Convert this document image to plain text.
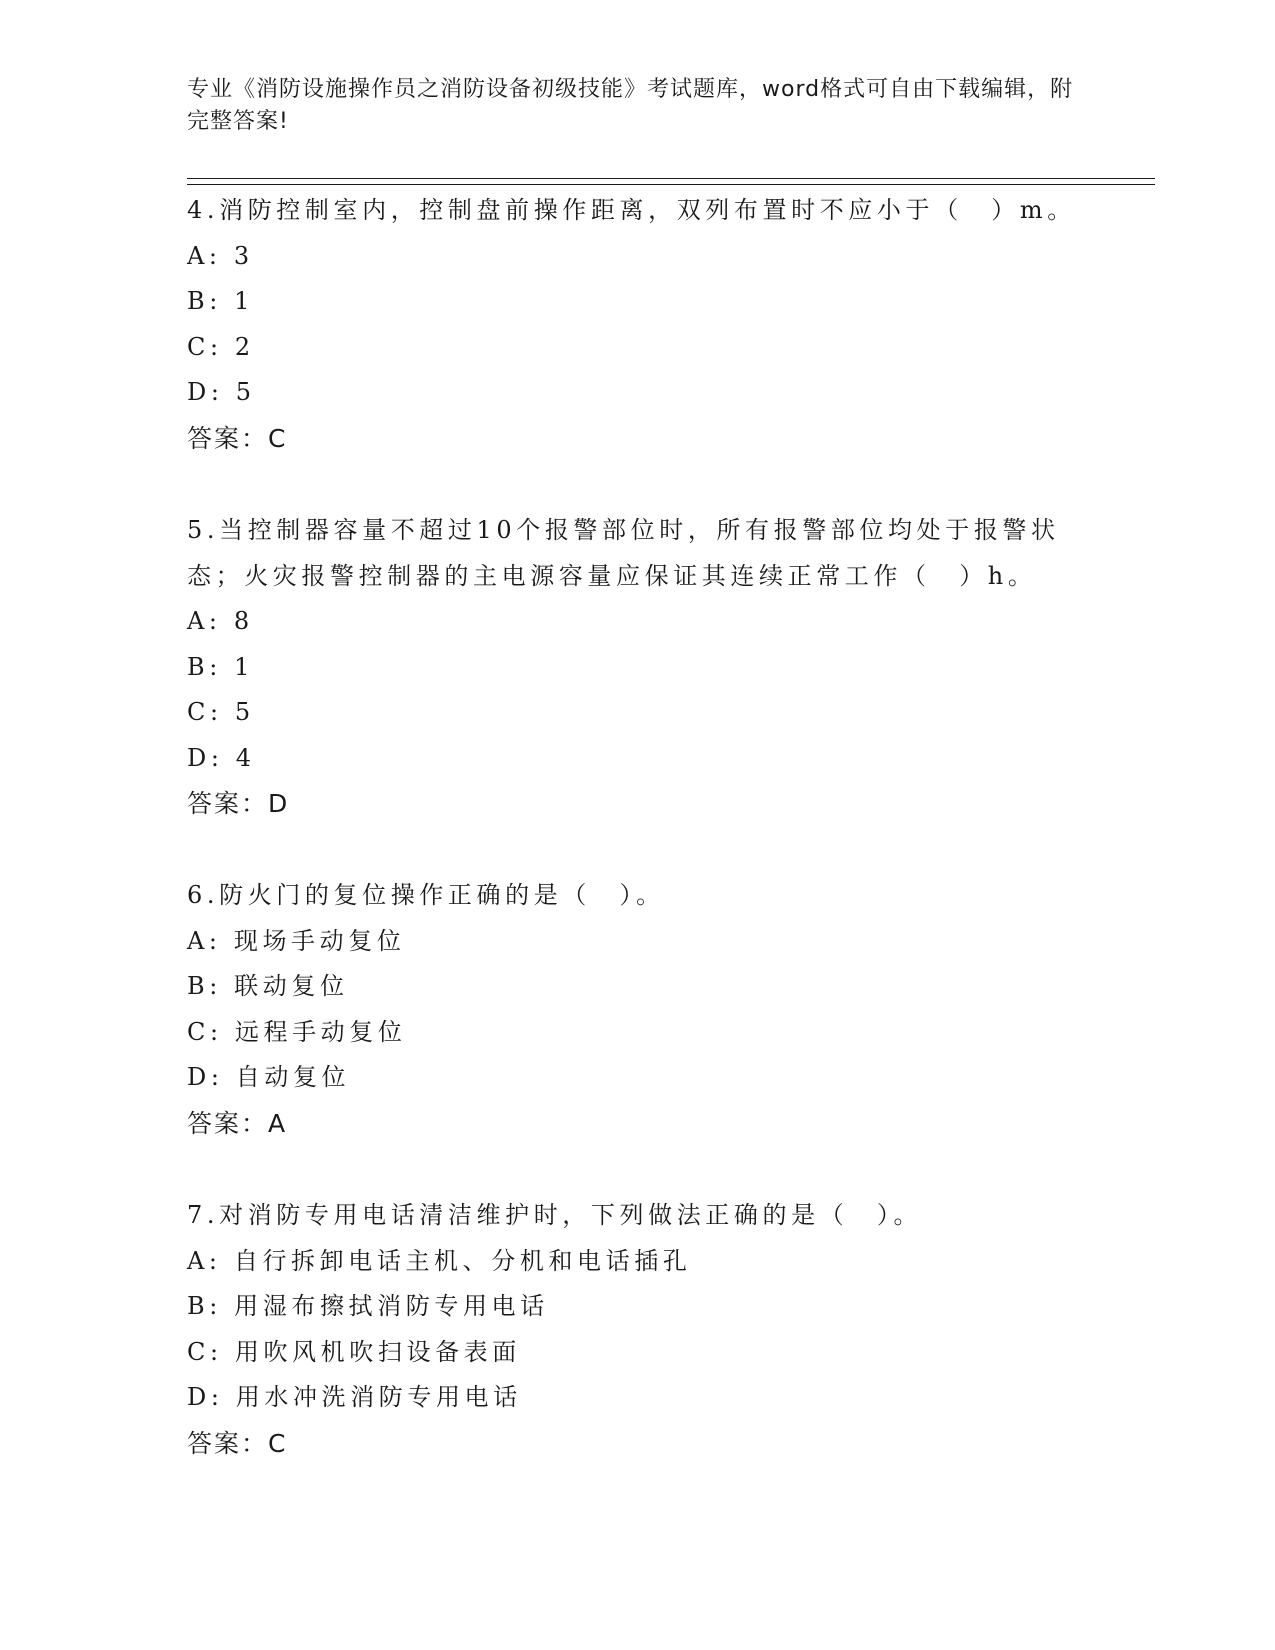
专业《消防设施操作员之消防设备初级技能》考试题库，word格式可自由下载编辑，附完整答案!

4.消防控制室内，控制盘前操作距离，双列布置时不应小于（　）m。

A: 3

B: 1

C: 2

D: 5

答案：C

5.当控制器容量不超过10个报警部位时，所有报警部位均处于报警状态；火灾报警控制器的主电源容量应保证其连续正常工作（　）h。

A: 8

B: 1

C: 5

D: 4

答案：D

6.防火门的复位操作正确的是（　）。

A: 现场手动复位

B: 联动复位

C: 远程手动复位

D: 自动复位

答案：A

7.对消防专用电话清洁维护时，下列做法正确的是（　）。

A: 自行拆卸电话主机、分机和电话插孔

B: 用湿布擦拭消防专用电话

C: 用吹风机吹扫设备表面

D: 用水冲洗消防专用电话

答案：C
